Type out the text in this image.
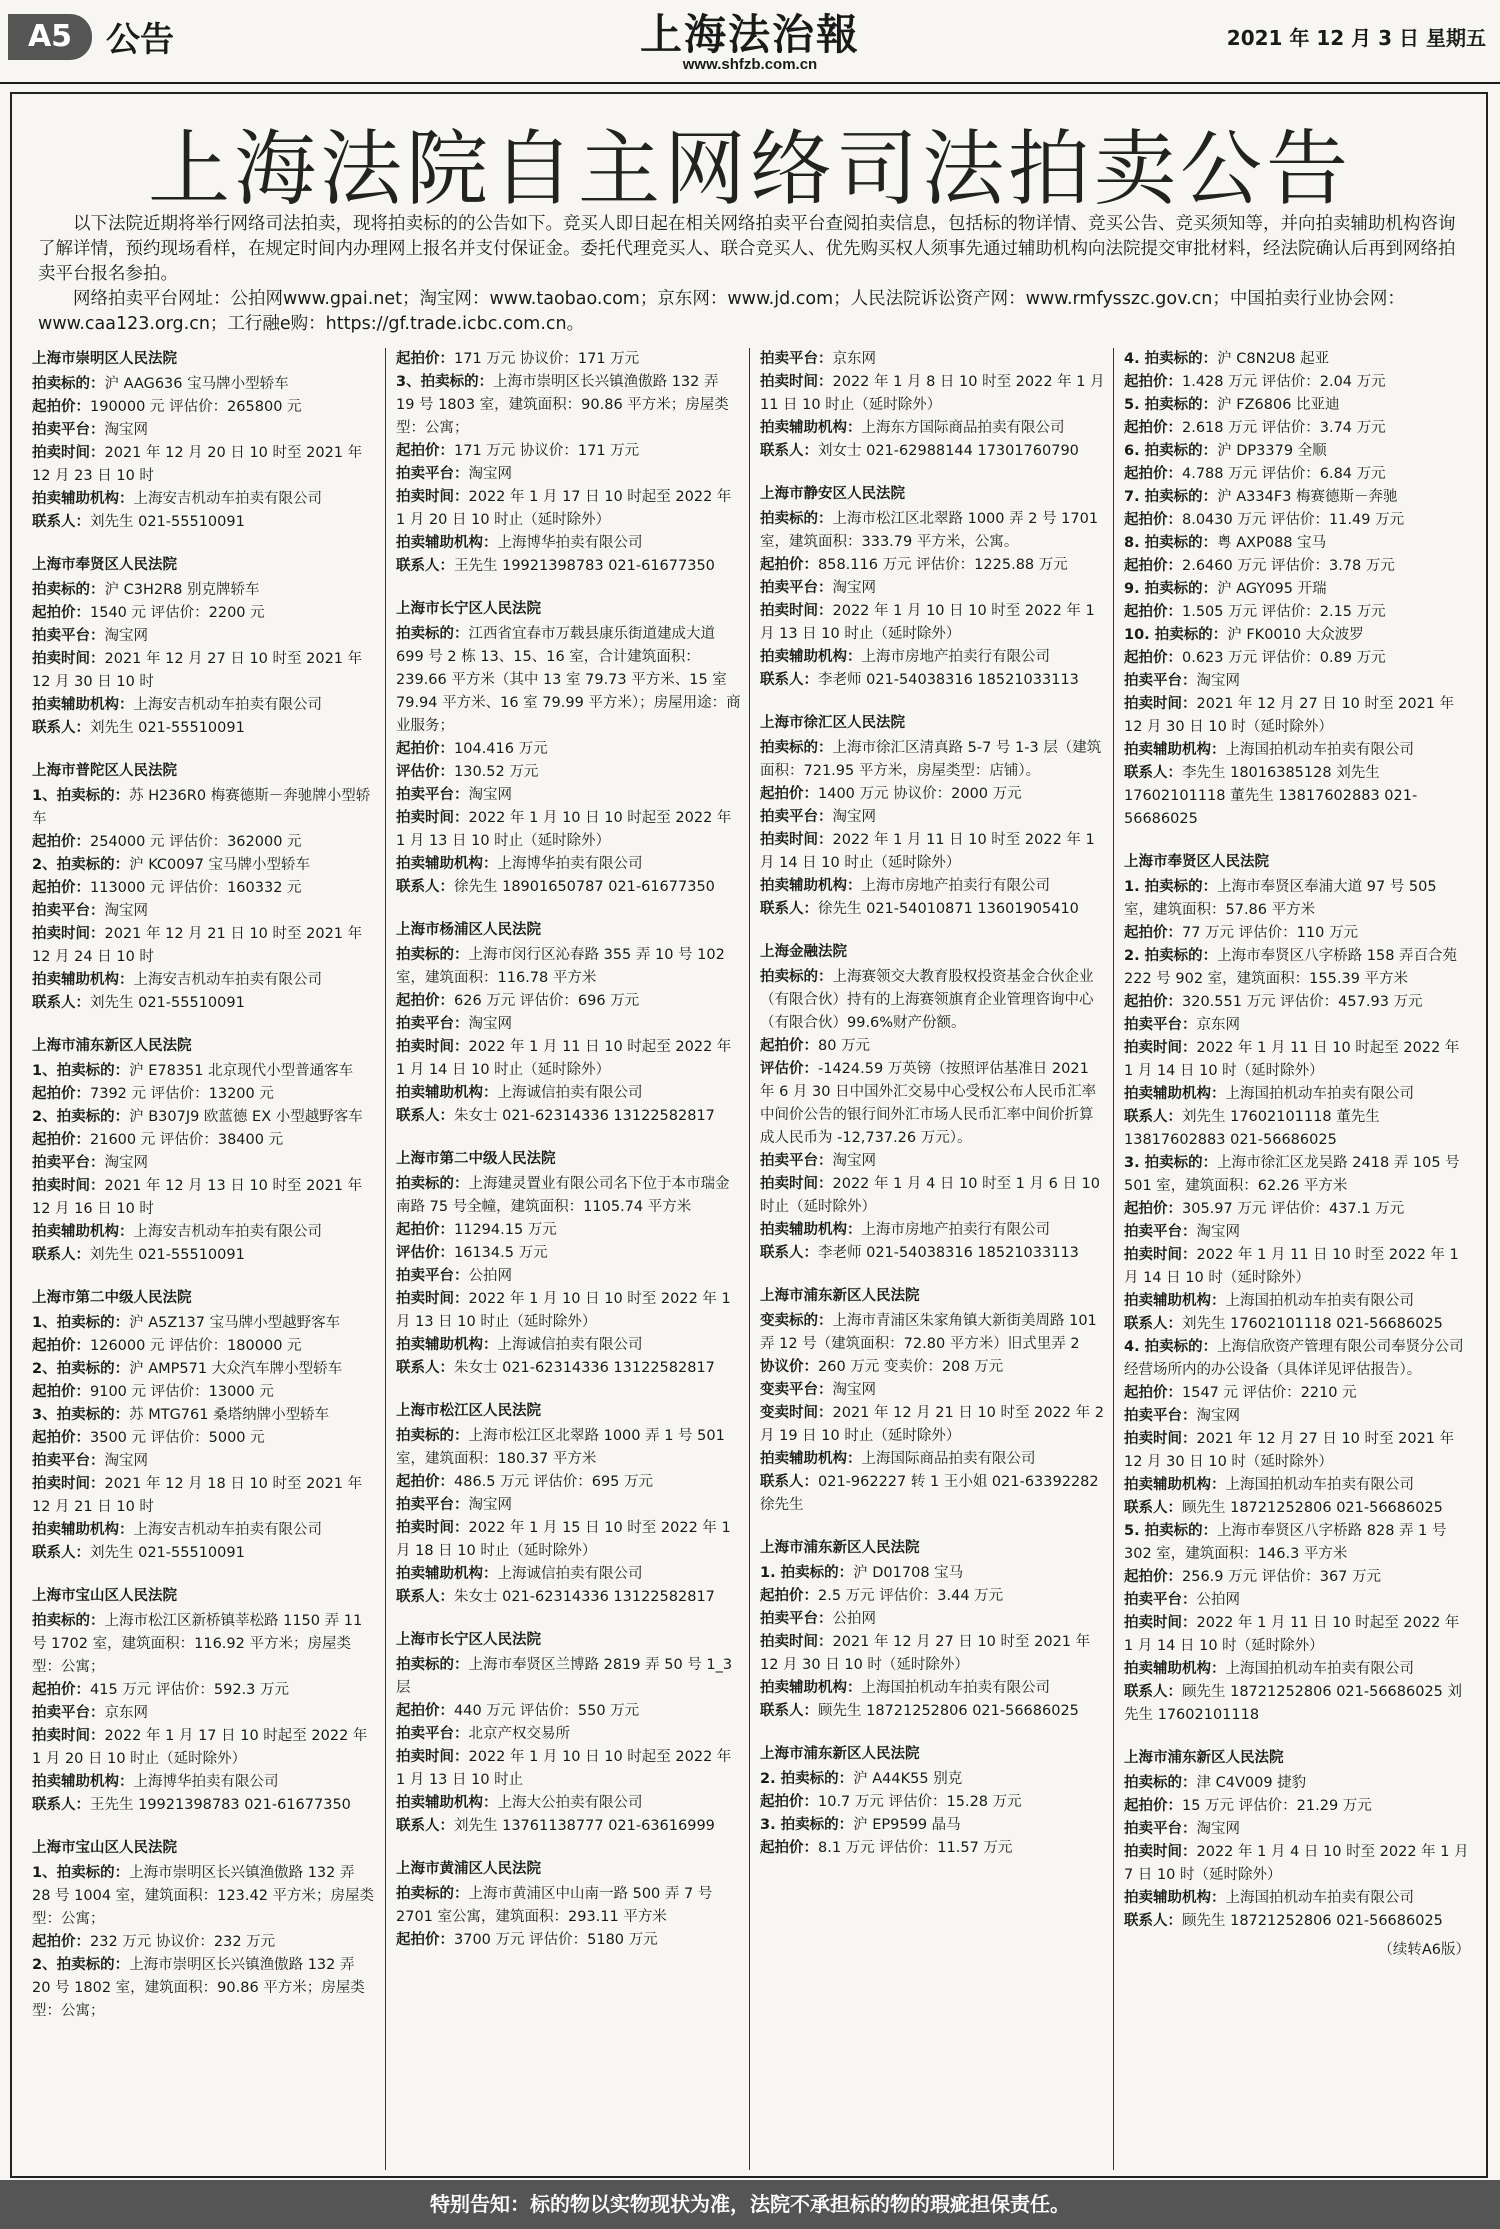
A5 公告	上海法治報
www.shfzb.com.cn
2021 年 12 月 3 日 星期五
上海法院自主网络司法拍卖公告

以下法院近期将举行网络司法拍卖，现将拍卖标的的公告如下。竞买人即日起在相关网络拍卖平台查阅拍卖信息，包括标的物详情、竞买公告、竞买须知等，并向拍卖辅助机构咨询了解详情，预约现场看样，在规定时间内办理网上报名并支付保证金。委托代理竞买人、联合竞买人、优先购买权人须事先通过辅助机构向法院提交审批材料，经法院确认后再到网络拍卖平台报名参拍。

网络拍卖平台网址：公拍网www.gpai.net；淘宝网：www.taobao.com；京东网：www.jd.com；人民法院诉讼资产网：www.rmfysszc.gov.cn；中国拍卖行业协会网：www.caa123.org.cn；工行融e购：https://gf.trade.icbc.com.cn。

上海市崇明区人民法院
拍卖标的：沪 AAG636 宝马牌小型轿车
起拍价：190000 元 评估价：265800 元
拍卖平台：淘宝网
拍卖时间：2021 年 12 月 20 日 10 时至 2021 年 12 月 23 日 10 时
拍卖辅助机构：上海安吉机动车拍卖有限公司
联系人：刘先生 021-55510091
上海市奉贤区人民法院
拍卖标的：沪 C3H2R8 别克牌轿车
起拍价：1540 元 评估价：2200 元
拍卖平台：淘宝网
拍卖时间：2021 年 12 月 27 日 10 时至 2021 年 12 月 30 日 10 时
拍卖辅助机构：上海安吉机动车拍卖有限公司
联系人：刘先生 021-55510091
上海市普陀区人民法院
1、拍卖标的：苏 H236R0 梅赛德斯－奔驰牌小型轿车
起拍价：254000 元 评估价：362000 元
2、拍卖标的：沪 KC0097 宝马牌小型轿车
起拍价：113000 元 评估价：160332 元
拍卖平台：淘宝网
拍卖时间：2021 年 12 月 21 日 10 时至 2021 年 12 月 24 日 10 时
拍卖辅助机构：上海安吉机动车拍卖有限公司
联系人：刘先生 021-55510091
上海市浦东新区人民法院
1、拍卖标的：沪 E78351 北京现代小型普通客车
起拍价：7392 元 评估价：13200 元
2、拍卖标的：沪 B307J9 欧蓝德 EX 小型越野客车
起拍价：21600 元 评估价：38400 元
拍卖平台：淘宝网
拍卖时间：2021 年 12 月 13 日 10 时至 2021 年 12 月 16 日 10 时
拍卖辅助机构：上海安吉机动车拍卖有限公司
联系人：刘先生 021-55510091
上海市第二中级人民法院
1、拍卖标的：沪 A5Z137 宝马牌小型越野客车
起拍价：126000 元 评估价：180000 元
2、拍卖标的：沪 AMP571 大众汽车牌小型轿车
起拍价：9100 元 评估价：13000 元
3、拍卖标的：苏 MTG761 桑塔纳牌小型轿车
起拍价：3500 元 评估价：5000 元
拍卖平台：淘宝网
拍卖时间：2021 年 12 月 18 日 10 时至 2021 年 12 月 21 日 10 时
拍卖辅助机构：上海安吉机动车拍卖有限公司
联系人：刘先生 021-55510091
上海市宝山区人民法院
拍卖标的：上海市松江区新桥镇莘松路 1150 弄 11 号 1702 室，建筑面积：116.92 平方米；房屋类型：公寓；
起拍价：415 万元 评估价：592.3 万元
拍卖平台：京东网
拍卖时间：2022 年 1 月 17 日 10 时起至 2022 年 1 月 20 日 10 时止（延时除外）
拍卖辅助机构：上海博华拍卖有限公司
联系人：王先生 19921398783 021-61677350
上海市宝山区人民法院
1、拍卖标的：上海市崇明区长兴镇渔傲路 132 弄 28 号 1004 室，建筑面积：123.42 平方米；房屋类型：公寓；
起拍价：232 万元 协议价：232 万元
2、拍卖标的：上海市崇明区长兴镇渔傲路 132 弄 20 号 1802 室，建筑面积：90.86 平方米；房屋类型：公寓；
起拍价：171 万元 协议价：171 万元
3、拍卖标的：上海市崇明区长兴镇渔傲路 132 弄 19 号 1803 室，建筑面积：90.86 平方米；房屋类型：公寓；
起拍价：171 万元 协议价：171 万元
拍卖平台：淘宝网
拍卖时间：2022 年 1 月 17 日 10 时起至 2022 年 1 月 20 日 10 时止（延时除外）
拍卖辅助机构：上海博华拍卖有限公司
联系人：王先生 19921398783 021-61677350
上海市长宁区人民法院
拍卖标的：江西省宜春市万载县康乐街道建成大道 699 号 2 栋 13、15、16 室，合计建筑面积：239.66 平方米（其中 13 室 79.73 平方米、15 室 79.94 平方米、16 室 79.99 平方米）；房屋用途：商业服务；
起拍价：104.416 万元
评估价：130.52 万元
拍卖平台：淘宝网
拍卖时间：2022 年 1 月 10 日 10 时起至 2022 年 1 月 13 日 10 时止（延时除外）
拍卖辅助机构：上海博华拍卖有限公司
联系人：徐先生 18901650787 021-61677350
上海市杨浦区人民法院
拍卖标的：上海市闵行区沁春路 355 弄 10 号 102 室，建筑面积：116.78 平方米
起拍价：626 万元 评估价：696 万元
拍卖平台：淘宝网
拍卖时间：2022 年 1 月 11 日 10 时起至 2022 年 1 月 14 日 10 时止（延时除外）
拍卖辅助机构：上海诚信拍卖有限公司
联系人：朱女士 021-62314336 13122582817
上海市第二中级人民法院
拍卖标的：上海建灵置业有限公司名下位于本市瑞金南路 75 号全幢，建筑面积：1105.74 平方米
起拍价：11294.15 万元
评估价：16134.5 万元
拍卖平台：公拍网
拍卖时间：2022 年 1 月 10 日 10 时至 2022 年 1 月 13 日 10 时止（延时除外）
拍卖辅助机构：上海诚信拍卖有限公司
联系人：朱女士 021-62314336 13122582817
上海市松江区人民法院
拍卖标的：上海市松江区北翠路 1000 弄 1 号 501 室，建筑面积：180.37 平方米
起拍价：486.5 万元 评估价：695 万元
拍卖平台：淘宝网
拍卖时间：2022 年 1 月 15 日 10 时至 2022 年 1 月 18 日 10 时止（延时除外）
拍卖辅助机构：上海诚信拍卖有限公司
联系人：朱女士 021-62314336 13122582817
上海市长宁区人民法院
拍卖标的：上海市奉贤区兰博路 2819 弄 50 号 1_3 层
起拍价：440 万元 评估价：550 万元
拍卖平台：北京产权交易所
拍卖时间：2022 年 1 月 10 日 10 时起至 2022 年 1 月 13 日 10 时止
拍卖辅助机构：上海大公拍卖有限公司
联系人：刘先生 13761138777 021-63616999
上海市黄浦区人民法院
拍卖标的：上海市黄浦区中山南一路 500 弄 7 号 2701 室公寓，建筑面积：293.11 平方米
起拍价：3700 万元 评估价：5180 万元
拍卖平台：京东网
拍卖时间：2022 年 1 月 8 日 10 时至 2022 年 1 月 11 日 10 时止（延时除外）
拍卖辅助机构：上海东方国际商品拍卖有限公司
联系人：刘女士 021-62988144 17301760790
上海市静安区人民法院
拍卖标的：上海市松江区北翠路 1000 弄 2 号 1701 室，建筑面积：333.79 平方米，公寓。
起拍价：858.116 万元 评估价：1225.88 万元
拍卖平台：淘宝网
拍卖时间：2022 年 1 月 10 日 10 时至 2022 年 1 月 13 日 10 时止（延时除外）
拍卖辅助机构：上海市房地产拍卖行有限公司
联系人：李老师 021-54038316 18521033113
上海市徐汇区人民法院
拍卖标的：上海市徐汇区清真路 5-7 号 1-3 层（建筑面积：721.95 平方米，房屋类型：店铺）。
起拍价：1400 万元 协议价：2000 万元
拍卖平台：淘宝网
拍卖时间：2022 年 1 月 11 日 10 时至 2022 年 1 月 14 日 10 时止（延时除外）
拍卖辅助机构：上海市房地产拍卖行有限公司
联系人：徐先生 021-54010871 13601905410
上海金融法院
拍卖标的：上海赛领交大教育股权投资基金合伙企业（有限合伙）持有的上海赛领旗育企业管理咨询中心（有限合伙）99.6%财产份额。
起拍价：80 万元
评估价：-1424.59 万英镑（按照评估基准日 2021 年 6 月 30 日中国外汇交易中心受权公布人民币汇率中间价公告的银行间外汇市场人民币汇率中间价折算成人民币为 -12,737.26 万元）。
拍卖平台：淘宝网
拍卖时间：2022 年 1 月 4 日 10 时至 1 月 6 日 10 时止（延时除外）
拍卖辅助机构：上海市房地产拍卖行有限公司
联系人：李老师 021-54038316 18521033113
上海市浦东新区人民法院
变卖标的：上海市青浦区朱家角镇大新街美周路 101 弄 12 号（建筑面积：72.80 平方米）旧式里弄 2
协议价：260 万元 变卖价：208 万元
变卖平台：淘宝网
变卖时间：2021 年 12 月 21 日 10 时至 2022 年 2 月 19 日 10 时止（延时除外）
拍卖辅助机构：上海国际商品拍卖有限公司
联系人：021-962227 转 1 王小姐 021-63392282 徐先生
上海市浦东新区人民法院
1. 拍卖标的：沪 D01708 宝马
起拍价：2.5 万元 评估价：3.44 万元
拍卖平台：公拍网
拍卖时间：2021 年 12 月 27 日 10 时至 2021 年 12 月 30 日 10 时（延时除外）
拍卖辅助机构：上海国拍机动车拍卖有限公司
联系人：顾先生 18721252806 021-56686025
上海市浦东新区人民法院
2. 拍卖标的：沪 A44K55 别克
起拍价：10.7 万元 评估价：15.28 万元
3. 拍卖标的：沪 EP9599 晶马
起拍价：8.1 万元 评估价：11.57 万元
4. 拍卖标的：沪 C8N2U8 起亚
起拍价：1.428 万元 评估价：2.04 万元
5. 拍卖标的：沪 FZ6806 比亚迪
起拍价：2.618 万元 评估价：3.74 万元
6. 拍卖标的：沪 DP3379 全顺
起拍价：4.788 万元 评估价：6.84 万元
7. 拍卖标的：沪 A334F3 梅赛德斯－奔驰
起拍价：8.0430 万元 评估价：11.49 万元
8. 拍卖标的：粤 AXP088 宝马
起拍价：2.6460 万元 评估价：3.78 万元
9. 拍卖标的：沪 AGY095 开瑞
起拍价：1.505 万元 评估价：2.15 万元
10. 拍卖标的：沪 FK0010 大众波罗
起拍价：0.623 万元 评估价：0.89 万元
拍卖平台：淘宝网
拍卖时间：2021 年 12 月 27 日 10 时至 2021 年 12 月 30 日 10 时（延时除外）
拍卖辅助机构：上海国拍机动车拍卖有限公司
联系人：李先生 18016385128 刘先生 17602101118 董先生 13817602883 021-56686025
上海市奉贤区人民法院
1. 拍卖标的：上海市奉贤区奉浦大道 97 号 505 室，建筑面积：57.86 平方米
起拍价：77 万元 评估价：110 万元
2. 拍卖标的：上海市奉贤区八字桥路 158 弄百合苑 222 号 902 室，建筑面积：155.39 平方米
起拍价：320.551 万元 评估价：457.93 万元
拍卖平台：京东网
拍卖时间：2022 年 1 月 11 日 10 时起至 2022 年 1 月 14 日 10 时（延时除外）
拍卖辅助机构：上海国拍机动车拍卖有限公司
联系人：刘先生 17602101118 董先生 13817602883 021-56686025
3. 拍卖标的：上海市徐汇区龙吴路 2418 弄 105 号 501 室，建筑面积：62.26 平方米
起拍价：305.97 万元 评估价：437.1 万元
拍卖平台：淘宝网
拍卖时间：2022 年 1 月 11 日 10 时至 2022 年 1 月 14 日 10 时（延时除外）
拍卖辅助机构：上海国拍机动车拍卖有限公司
联系人：刘先生 17602101118 021-56686025
4. 拍卖标的：上海信欣资产管理有限公司奉贤分公司经营场所内的办公设备（具体详见评估报告）。
起拍价：1547 元 评估价：2210 元
拍卖平台：淘宝网
拍卖时间：2021 年 12 月 27 日 10 时至 2021 年 12 月 30 日 10 时（延时除外）
拍卖辅助机构：上海国拍机动车拍卖有限公司
联系人：顾先生 18721252806 021-56686025
5. 拍卖标的：上海市奉贤区八字桥路 828 弄 1 号 302 室，建筑面积：146.3 平方米
起拍价：256.9 万元 评估价：367 万元
拍卖平台：公拍网
拍卖时间：2022 年 1 月 11 日 10 时起至 2022 年 1 月 14 日 10 时（延时除外）
拍卖辅助机构：上海国拍机动车拍卖有限公司
联系人：顾先生 18721252806 021-56686025 刘先生 17602101118
上海市浦东新区人民法院
拍卖标的：津 C4V009 捷豹
起拍价：15 万元 评估价：21.29 万元
拍卖平台：淘宝网
拍卖时间：2022 年 1 月 4 日 10 时至 2022 年 1 月 7 日 10 时（延时除外）
拍卖辅助机构：上海国拍机动车拍卖有限公司
联系人：顾先生 18721252806 021-56686025
（续转A6版）
特别告知：标的物以实物现状为准，法院不承担标的物的瑕疵担保责任。
